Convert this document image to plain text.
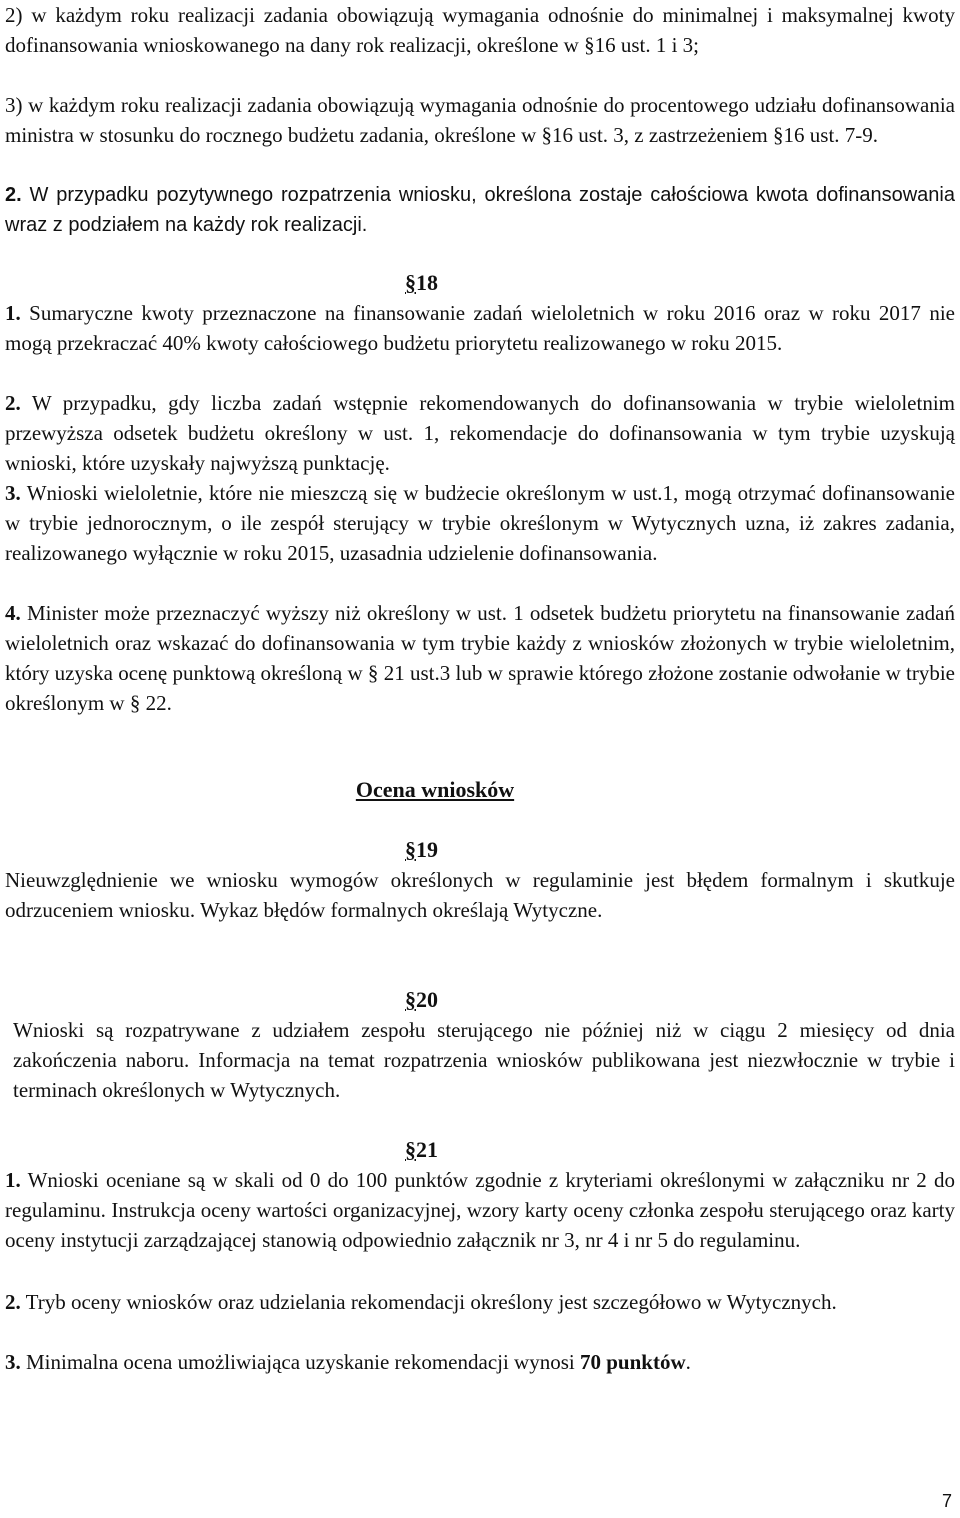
2) w każdym roku realizacji zadania obowiązują wymagania odnośnie do minimalnej i maksymalnej kwoty dofinansowania wnioskowanego na dany rok realizacji, określone w §16 ust. 1 i 3;

3) w każdym roku realizacji zadania obowiązują wymagania odnośnie do procentowego udziału dofinansowania ministra w stosunku do rocznego budżetu zadania, określone w §16 ust. 3, z zastrzeżeniem §16 ust. 7-9.

2. W przypadku pozytywnego rozpatrzenia wniosku, określona zostaje całościowa kwota dofinansowania wraz z podziałem na każdy rok realizacji.

§18

1. Sumaryczne kwoty przeznaczone na finansowanie zadań wieloletnich w roku 2016 oraz w roku 2017 nie mogą przekraczać 40% kwoty całościowego budżetu priorytetu realizowanego w roku 2015.

2. W przypadku, gdy liczba zadań wstępnie rekomendowanych do dofinansowania w trybie wieloletnim przewyższa odsetek budżetu określony w ust. 1, rekomendacje do dofinansowania w tym trybie uzyskują wnioski, które uzyskały najwyższą punktację.

3. Wnioski wieloletnie, które nie mieszczą się w budżecie określonym w ust.1, mogą otrzymać dofinansowanie w trybie jednorocznym, o ile zespół sterujący w trybie określonym w Wytycznych uzna, iż zakres zadania, realizowanego wyłącznie w roku 2015, uzasadnia udzielenie dofinansowania.

4. Minister może przeznaczyć wyższy niż określony w ust. 1 odsetek budżetu priorytetu na finansowanie zadań wieloletnich oraz wskazać do dofinansowania w tym trybie każdy z wniosków złożonych w trybie wieloletnim, który uzyska ocenę punktową określoną w § 21 ust.3 lub w sprawie którego złożone zostanie odwołanie w trybie określonym w § 22.

Ocena wniosków
§19

Nieuwzględnienie we wniosku wymogów określonych w regulaminie jest błędem formalnym i skutkuje odrzuceniem wniosku. Wykaz błędów formalnych określają Wytyczne.

§20

Wnioski są rozpatrywane z udziałem zespołu sterującego nie później niż w ciągu 2 miesięcy od dnia zakończenia naboru. Informacja na temat rozpatrzenia wniosków publikowana jest niezwłocznie w trybie i terminach określonych w Wytycznych.

§21

1. Wnioski oceniane są w skali od 0 do 100 punktów zgodnie z kryteriami określonymi w załączniku nr 2 do regulaminu. Instrukcja oceny wartości organizacyjnej, wzory karty oceny członka zespołu sterującego oraz karty oceny instytucji zarządzającej stanowią odpowiednio załącznik nr 3, nr 4 i nr 5 do regulaminu.

2. Tryb oceny wniosków oraz udzielania rekomendacji określony jest szczegółowo w Wytycznych.

3. Minimalna ocena umożliwiająca uzyskanie rekomendacji wynosi 70 punktów.

7
